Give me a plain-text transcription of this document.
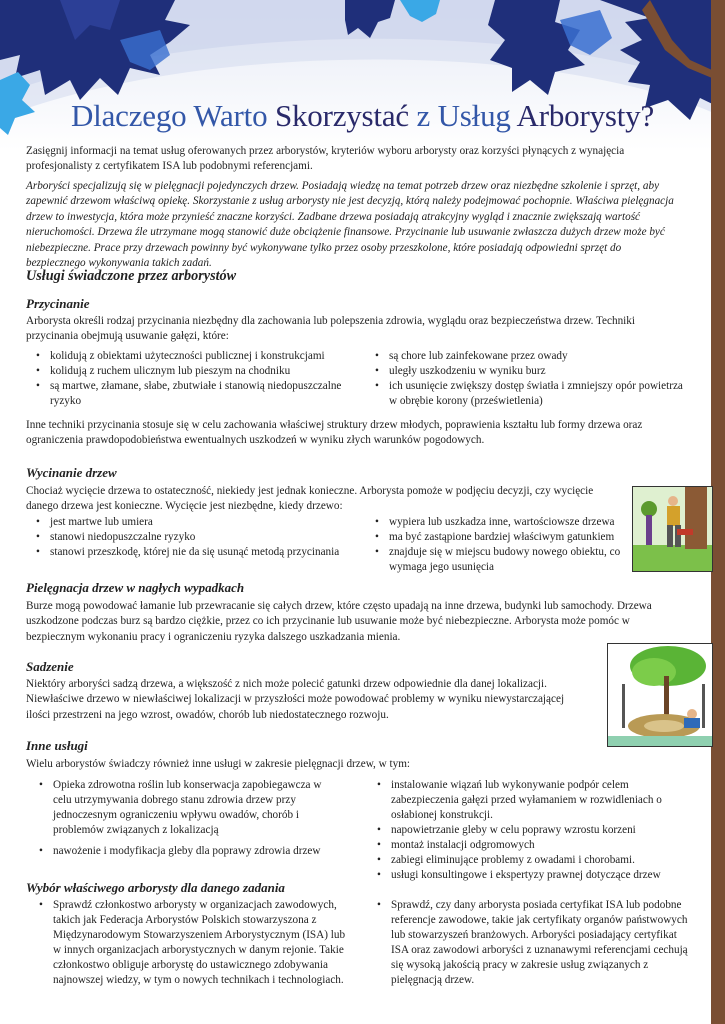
Dlaczego Warto Skorzystać z Usług Arborysty?

Zasięgnij informacji na temat usług oferowanych przez arborystów, kryteriów wyboru arborysty oraz korzyści płynących z wynajęcia profesjonalisty z certyfikatem ISA lub podobnymi referencjami.

Arboryści specjalizują się w pielęgnacji pojedynczych drzew. Posiadają wiedzę na temat potrzeb drzew oraz niezbędne szkolenie i sprzęt, aby zapewnić drzewom właściwą opiekę. Skorzystanie z usług arborysty nie jest decyzją, którą należy podejmować pochopnie. Właściwa pielęgnacja drzew to inwestycja, która może przynieść znaczne korzyści. Zadbane drzewa posiadają atrakcyjny wygląd i znacznie zwiększają wartość nieruchomości. Drzewa źle utrzymane mogą stanowić duże obciążenie finansowe. Przycinanie lub usuwanie zwłaszcza dużych drzew może być niebezpieczne. Prace przy drzewach powinny być wykonywane tylko przez osoby przeszkolone, które posiadają odpowiedni sprzęt do bezpiecznego wykonywania takich zadań.

Usługi świadczone przez arborystów
Przycinanie

Arborysta określi rodzaj przycinania niezbędny dla zachowania lub polepszenia zdrowia, wyglądu oraz bezpieczeństwa drzew. Techniki przycinania obejmują usuwanie gałęzi, które:

• kolidują z obiektami użyteczności publicznej i konstrukcjami
• kolidują z ruchem ulicznym lub pieszym na chodniku
• są martwe, złamane, słabe, zbutwiałe i stanowią niedopuszczalne ryzyko
• są chore lub zainfekowane przez owady
• uległy uszkodzeniu w wyniku burz
• ich usunięcie zwiększy dostęp światła i zmniejszy opór powietrza w obrębie korony (prześwietlenia)

Inne techniki przycinania stosuje się w celu zachowania właściwej struktury drzew młodych, poprawienia kształtu lub formy drzewa oraz ograniczenia prawdopodobieństwa ewentualnych uszkodzeń w wyniku złych warunków pogodowych.

Wycinanie drzew

Chociaż wycięcie drzewa to ostateczność, niekiedy jest jednak konieczne. Arborysta pomoże w podjęciu decyzji, czy wycięcie danego drzewa jest konieczne. Wycięcie jest niezbędne, kiedy drzewo:

• jest martwe lub umiera
• stanowi niedopuszczalne ryzyko
• stanowi przeszkodę, której nie da się usunąć metodą przycinania
• wypiera lub uszkadza inne, wartościowsze drzewa
• ma być zastąpione bardziej właściwym gatunkiem
• znajduje się w miejscu budowy nowego obiektu, co wymaga jego usunięcia
Pielęgnacja drzew w nagłych wypadkach

Burze mogą powodować łamanie lub przewracanie się całych drzew, które często upadają na inne drzewa, budynki lub samochody. Drzewa uszkodzone podczas burz są bardzo ciężkie, przez co ich przycinanie lub usuwanie może być niebezpieczne. Arborysta może pomóc w bezpiecznym wykonaniu pracy i ograniczeniu ryzyka dalszego uszkadzania mienia.

Sadzenie

Niektóry arboryści sadzą drzewa, a większość z nich może polecić gatunki drzew odpowiednie dla danej lokalizacji. Niewłaściwe drzewo w niewłaściwej lokalizacji w przyszłości może powodować problemy w wyniku niewystarczającej ilości przestrzeni na jego wzrost, owadów, chorób lub niedostatecznego rozwoju.

Inne usługi

Wielu arborystów świadczy również inne usługi w zakresie pielęgnacji drzew, w tym:

• Opieka zdrowotna roślin lub konserwacja zapobiegawcza w celu utrzymywania dobrego stanu zdrowia drzew przy jednoczesnym ograniczeniu wpływu owadów, chorób i problemów związanych z lokalizacją
• nawożenie i modyfikacja gleby dla poprawy zdrowia drzew
• instalowanie wiązań lub wykonywanie podpór celem zabezpieczenia gałęzi przed wyłamaniem w rozwidleniach o osłabionej konstrukcji.
• napowietrzanie gleby w celu poprawy wzrostu korzeni
• montaż instalacji odgromowych
• zabiegi eliminujące problemy z owadami i chorobami.
• usługi konsultingowe i ekspertyzy prawnej dotyczące drzew
Wybór właściwego arborysty dla danego zadania
• Sprawdź członkostwo arborysty w organizacjach zawodowych, takich jak Federacja Arborystów Polskich stowarzyszona z Międzynarodowym Stowarzyszeniem Arborystycznym (ISA) lub w innych organizacjach arborystycznych w danym rejonie. Takie członkostwo obliguje arborystę do ustawicznego zdobywania najnowszej wiedzy, w tym o nowych technikach i technologiach.
• Sprawdź, czy dany arborysta posiada certyfikat ISA lub podobne referencje zawodowe, takie jak certyfikaty organów państwowych lub stowarzyszeń branżowych. Arboryści posiadający certyfikat ISA oraz zawodowi arboryści z uznanawymi referencjami cechują się wysoką jakością pracy w zakresie usług związanych z pielęgnacją drzew.
